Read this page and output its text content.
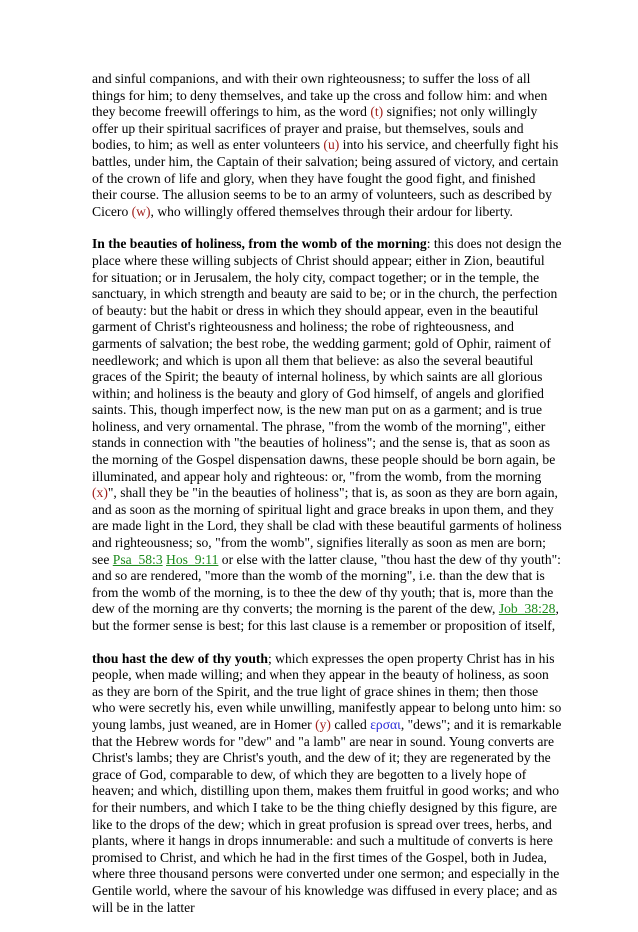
and sinful companions, and with their own righteousness; to suffer the loss of all things for him; to deny themselves, and take up the cross and follow him: and when they become freewill offerings to him, as the word (t) signifies; not only willingly offer up their spiritual sacrifices of prayer and praise, but themselves, souls and bodies, to him; as well as enter volunteers (u) into his service, and cheerfully fight his battles, under him, the Captain of their salvation; being assured of victory, and certain of the crown of life and glory, when they have fought the good fight, and finished their course. The allusion seems to be to an army of volunteers, such as described by Cicero (w), who willingly offered themselves through their ardour for liberty.

In the beauties of holiness, from the womb of the morning: this does not design the place where these willing subjects of Christ should appear; either in Zion, beautiful for situation; or in Jerusalem, the holy city, compact together; or in the temple, the sanctuary, in which strength and beauty are said to be; or in the church, the perfection of beauty: but the habit or dress in which they should appear, even in the beautiful garment of Christ's righteousness and holiness; the robe of righteousness, and garments of salvation; the best robe, the wedding garment; gold of Ophir, raiment of needlework; and which is upon all them that believe: as also the several beautiful graces of the Spirit; the beauty of internal holiness, by which saints are all glorious within; and holiness is the beauty and glory of God himself, of angels and glorified saints. This, though imperfect now, is the new man put on as a garment; and is true holiness, and very ornamental. The phrase, "from the womb of the morning", either stands in connection with "the beauties of holiness"; and the sense is, that as soon as the morning of the Gospel dispensation dawns, these people should be born again, be illuminated, and appear holy and righteous: or, "from the womb, from the morning (x)", shall they be "in the beauties of holiness"; that is, as soon as they are born again, and as soon as the morning of spiritual light and grace breaks in upon them, and they are made light in the Lord, they shall be clad with these beautiful garments of holiness and righteousness; so, "from the womb", signifies literally as soon as men are born; see Psa_58:3 Hos_9:11 or else with the latter clause, "thou hast the dew of thy youth": and so are rendered, "more than the womb of the morning", i.e. than the dew that is from the womb of the morning, is to thee the dew of thy youth; that is, more than the dew of the morning are thy converts; the morning is the parent of the dew, Job_38:28, but the former sense is best; for this last clause is a remember or proposition of itself,

thou hast the dew of thy youth; which expresses the open property Christ has in his people, when made willing; and when they appear in the beauty of holiness, as soon as they are born of the Spirit, and the true light of grace shines in them; then those who were secretly his, even while unwilling, manifestly appear to belong unto him: so young lambs, just weaned, are in Homer (y) called ερσαι, "dews"; and it is remarkable that the Hebrew words for "dew" and "a lamb" are near in sound. Young converts are Christ's lambs; they are Christ's youth, and the dew of it; they are regenerated by the grace of God, comparable to dew, of which they are begotten to a lively hope of heaven; and which, distilling upon them, makes them fruitful in good works; and who for their numbers, and which I take to be the thing chiefly designed by this figure, are like to the drops of the dew; which in great profusion is spread over trees, herbs, and plants, where it hangs in drops innumerable: and such a multitude of converts is here promised to Christ, and which he had in the first times of the Gospel, both in Judea, where three thousand persons were converted under one sermon; and especially in the Gentile world, where the savour of his knowledge was diffused in every place; and as will be in the latter
